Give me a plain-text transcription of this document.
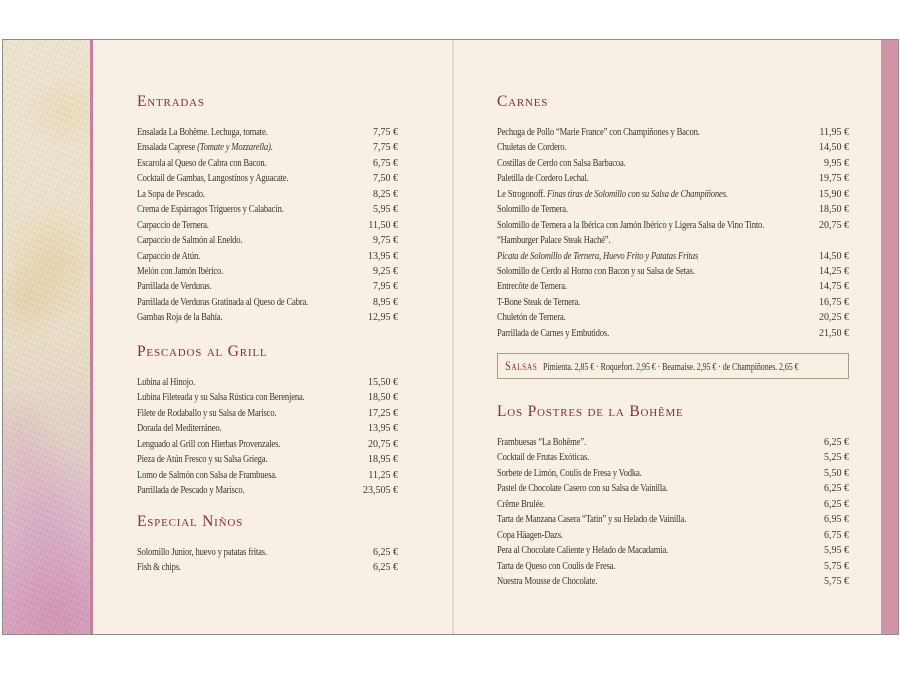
Entradas
Ensalada La Bohême. Lechuga, tomate.	7,75 €
Ensalada Caprese (Tomate y Mozzarella).	7,75 €
Escarola al Queso de Cabra con Bacon.	6,75 €
Cocktail de Gambas, Langostinos y Aguacate.	7,50 €
La Sopa de Pescado.	8,25 €
Crema de Espárragos Trigueros y Calabacín.	5,95 €
Carpaccio de Ternera.	11,50 €
Carpaccio de Salmón al Eneldo.	9,75 €
Carpaccio de Atún.	13,95 €
Melón con Jamón Ibérico.	9,25 €
Parrillada de Verduras.	7,95 €
Parrillada de Verduras Gratinada al Queso de Cabra.	8,95 €
Gambas Roja de la Bahía.	12,95 €
Pescados al Grill
Lubina al Hinojo.	15,50 €
Lubina Fileteada y su Salsa Rústica con Berenjena.	18,50 €
Filete de Rodaballo y su Salsa de Marisco.	17,25 €
Dorada del Mediterráneo.	13,95 €
Lenguado al Grill con Hierbas Provenzales.	20,75 €
Pieza de Atún Fresco y su Salsa Griega.	18,95 €
Lomo de Salmón con Salsa de Frambuesa.	11,25 €
Parrillada de Pescado y Marisco.	23,505 €
Especial Niños
Solomillo Junior, huevo y patatas fritas.	6,25 €
Fish & chips.	6,25 €
Salsas Pimienta. 2,85 € · Roquefort. 2,95 € · Bearnaise. 2,95 € · de Champiñones. 2,65 €
Carnes
Pechuga de Pollo “Marie France” con Champiñones y Bacon.	11,95 €
Chuletas de Cordero.	14,50 €
Costillas de Cerdo con Salsa Barbacoa.	9,95 €
Paletilla de Cordero Lechal.	19,75 €
Le Strogonoff. Finas tiras de Solomillo con su Salsa de Champiñones.	15,90 €
Solomillo de Ternera.	18,50 €
Solomillo de Ternera a la Ibérica con Jamón Ibérico y Ligera Salsa de Vino Tinto.	20,75 €
“Hamburger Palace Steak Haché”.
Picata de Solomillo de Ternera, Huevo Frito y Patatas Fritas	14,50 €
Solomillo de Cerdo al Horno con Bacon y su Salsa de Setas.	14,25 €
Entrecôte de Ternera.	14,75 €
T-Bone Steak de Ternera.	16,75 €
Chuletón de Ternera.	20,25 €
Parrillada de Carnes y Embutidos.	21,50 €
Los Postres de la Bohême
Frambuesas “La Bohême”.	6,25 €
Cocktail de Frutas Exóticas.	5,25 €
Sorbete de Limón, Coulis de Fresa y Vodka.	5,50 €
Pastel de Chocolate Casero con su Salsa de Vainilla.	6,25 €
Crême Brulée.	6,25 €
Tarta de Manzana Casera “Tatín” y su Helado de Vainilla.	6,95 €
Copa Häagen-Dazs.	6,75 €
Pera al Chocolate Caliente y Helado de Macadamia.	5,95 €
Tarta de Queso con Coulis de Fresa.	5,75 €
Nuestra Mousse de Chocolate.	5,75 €
